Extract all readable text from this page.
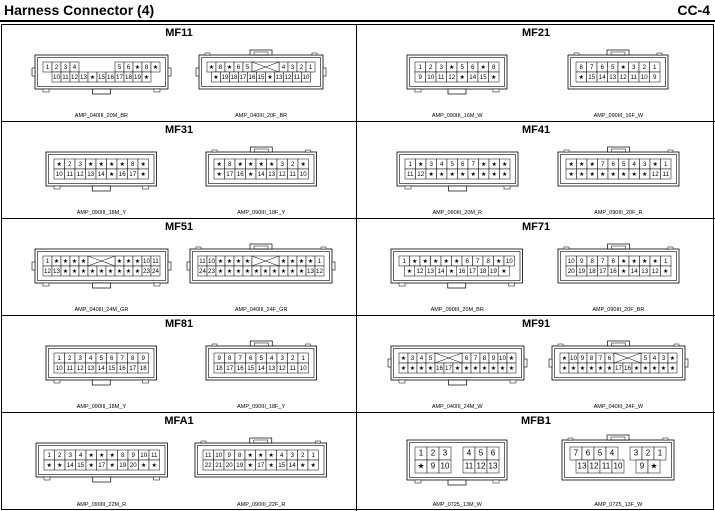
Harness Connector (4)	CC-4
MF11
1 2 3 4	5 6 ★ 8 ★
10 11 12 13 ★ 15 16 17 18 19 ★
AMP_040III_20M_BR
★ 8 ★ 6 5	4 3 2 1
★ 19 18 17 16 15 ★ 13 12 11 10
AMP_040III_20F_BR
MF21
1 2 3 ★ 5 6 ★ 8
9 10 11 12 ★ 14 15 ★
AMP_090III_16M_W
8 7 6 5 ★ 3 2 1
★ 15 14 13 12 11 10 9
AMP_090III_16F_W
MF31
★ 2 3 ★ ★ ★ ★ 8 ★
10 11 12 13 14 ★ 16 17 ★
AMP_090III_18M_Y
★ 8 ★ ★ ★ ★ 3 2 ★
★ 17 16 ★ 14 13 12 11 10
AMP_090III_18F_Y
MF41
1 ★ 3 4 5 6 7 ★ ★ ★
11 12 ★ ★ ★ ★ ★ ★ ★ ★
AMP_090III_20M_R
★ ★ ★ 7 6 5 4 3 ★ 1
★ ★ ★ ★ ★ ★ ★ ★ 12 11
AMP_090III_20F_R
MF51
1 ★ ★ ★ ★	★ ★ ★ 10 11
12 13 ★ ★ ★ ★ ★ ★ ★ ★ ★ 23 24
AMP_040III_24M_GR
11 10 ★ ★ ★ ★	★ ★ ★ ★ 1
24 23 ★ ★ ★ ★ ★ ★ ★ ★ ★ ★ 13 12
AMP_040III_24F_GR
MF71
1 ★ ★ ★ ★ ★ 6 7 8 ★ 10
★ 12 13 14 ★ 16 17 18 19 ★
AMP_090III_20M_BR
10 9 8 7 6 ★ ★ ★ ★ 1
20 19 18 17 16 ★ 14 13 12 ★
AMP_090III_20F_BR
MF81
1 2 3 4 5 6 7 8 9
10 11 12 13 14 15 16 17 18
AMP_090III_18M_Y
9 8 7 6 5 4 3 2 1
18 17 16 15 14 13 12 11 10
AMP_090III_18F_Y
MF91
★ 3 4 5	6 7 8 9 10 ★
★ ★ ★ ★ 16 17 ★ ★ ★ ★ ★ ★ ★
AMP_040III_24M_W
★ 10 9 8 7 6	5 4 3 ★
★ ★ ★ ★ ★ ★ 17 16 ★ ★ ★ ★ ★
AMP_040III_24F_W
MFA1
1 2 3 4 ★ ★ ★ 8 9 10 11
★ ★ 14 15 ★ 17 ★ 19 20 ★ ★
AMP_090III_22M_R
11 10 9 8 ★ ★ ★ 4 3 2 1
22 21 20 19 ★ 17 ★ 15 14 ★ ★
AMP_090III_22F_R
MFB1
1 2 3 4 5 6
★ 9 10 11 12 13
AMP_0725_13M_W
7 6 5 4 3 2 1
13 12 11 10 9 ★
AMP_0725_13F_W
